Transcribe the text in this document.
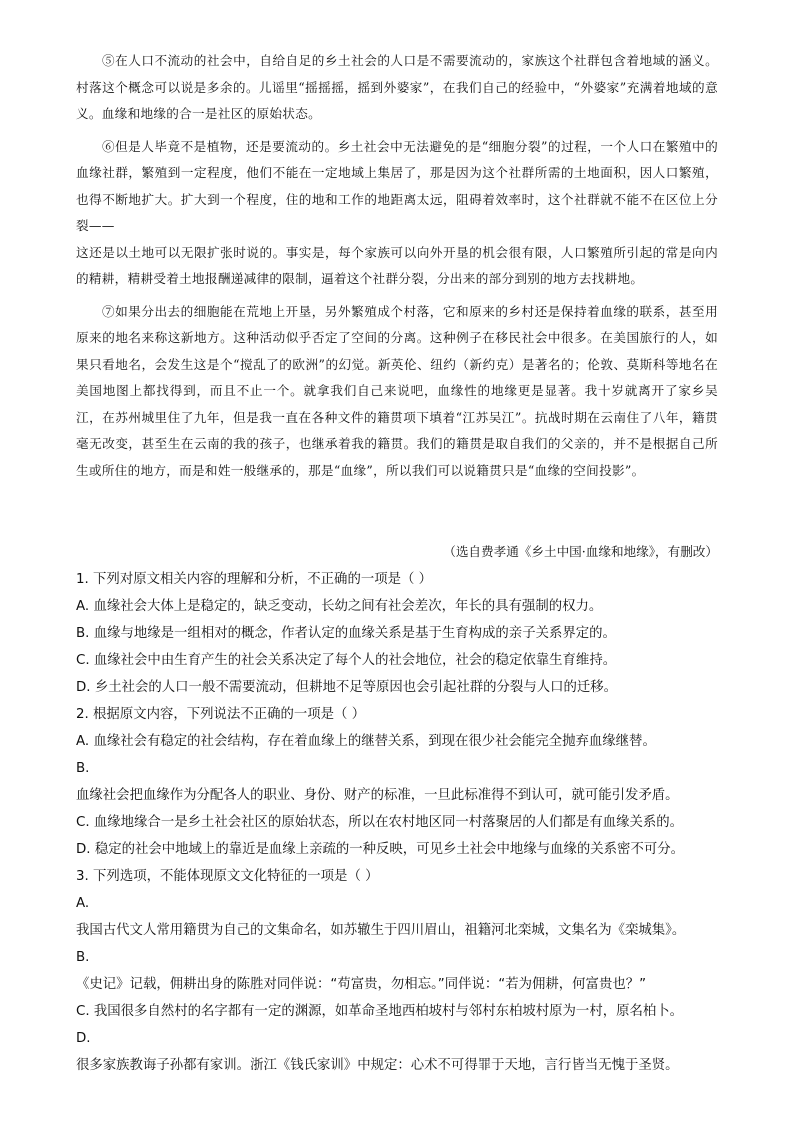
⑤在人口不流动的社会中，自给自足的乡土社会的人口是不需要流动的，家族这个社群包含着地域的涵义。村落这个概念可以说是多余的。儿谣里“摇摇摇，摇到外婆家”，在我们自己的经验中，“外婆家”充满着地域的意义。血缘和地缘的合一是社区的原始状态。

⑥但是人毕竟不是植物，还是要流动的。乡土社会中无法避免的是“细胞分裂”的过程，一个人口在繁殖中的血缘社群，繁殖到一定程度，他们不能在一定地域上集居了，那是因为这个社群所需的土地面积，因人口繁殖，也得不断地扩大。扩大到一个程度，住的地和工作的地距离太远，阻碍着效率时，这个社群就不能不在区位上分裂——

这还是以土地可以无限扩张时说的。事实是，每个家族可以向外开垦的机会很有限，人口繁殖所引起的常是向内的精耕，精耕受着土地报酬递减律的限制，逼着这个社群分裂，分出来的部分到别的地方去找耕地。

⑦如果分出去的细胞能在荒地上开垦，另外繁殖成个村落，它和原来的乡村还是保持着血缘的联系，甚至用原来的地名来称这新地方。这种活动似乎否定了空间的分离。这种例子在移民社会中很多。在美国旅行的人，如果只看地名，会发生这是个“搅乱了的欧洲”的幻觉。新英伦、纽约（新约克）是著名的；伦敦、莫斯科等地名在美国地图上都找得到，而且不止一个。就拿我们自己来说吧，血缘性的地缘更是显著。我十岁就离开了家乡吴江，在苏州城里住了九年，但是我一直在各种文件的籍贯项下填着“江苏吴江”。抗战时期在云南住了八年，籍贯毫无改变，甚至生在云南的我的孩子，也继承着我的籍贯。我们的籍贯是取自我们的父亲的，并不是根据自己所生或所住的地方，而是和姓一般继承的，那是“血缘”，所以我们可以说籍贯只是“血缘的空间投影”。

（选自费孝通《乡土中国·血缘和地缘》，有删改）

1. 下列对原文相关内容的理解和分析，不正确的一项是（ ）

A. 血缘社会大体上是稳定的，缺乏变动，长幼之间有社会差次，年长的具有强制的权力。

B. 血缘与地缘是一组相对的概念，作者认定的血缘关系是基于生育构成的亲子关系界定的。

C. 血缘社会中由生育产生的社会关系决定了每个人的社会地位，社会的稳定依靠生育维持。

D. 乡土社会的人口一般不需要流动，但耕地不足等原因也会引起社群的分裂与人口的迁移。

2. 根据原文内容，下列说法不正确的一项是（ ）

A. 血缘社会有稳定的社会结构，存在着血缘上的继替关系，到现在很少社会能完全抛弃血缘继替。

B.

血缘社会把血缘作为分配各人的职业、身份、财产的标准，一旦此标准得不到认可，就可能引发矛盾。

C. 血缘地缘合一是乡土社会社区的原始状态，所以在农村地区同一村落聚居的人们都是有血缘关系的。

D. 稳定的社会中地域上的靠近是血缘上亲疏的一种反映，可见乡土社会中地缘与血缘的关系密不可分。

3. 下列选项，不能体现原文文化特征的一项是（ ）

A.

我国古代文人常用籍贯为自己的文集命名，如苏辙生于四川眉山，祖籍河北栾城，文集名为《栾城集》。

B.

《史记》记载，佣耕出身的陈胜对同伴说：“苟富贵，勿相忘。”同伴说：“若为佣耕，何富贵也？”

C. 我国很多自然村的名字都有一定的渊源，如革命圣地西柏坡村与邻村东柏坡村原为一村，原名柏卜。

D.

很多家族教诲子孙都有家训。浙江《钱氏家训》中规定：心术不可得罪于天地，言行皆当无愧于圣贤。
